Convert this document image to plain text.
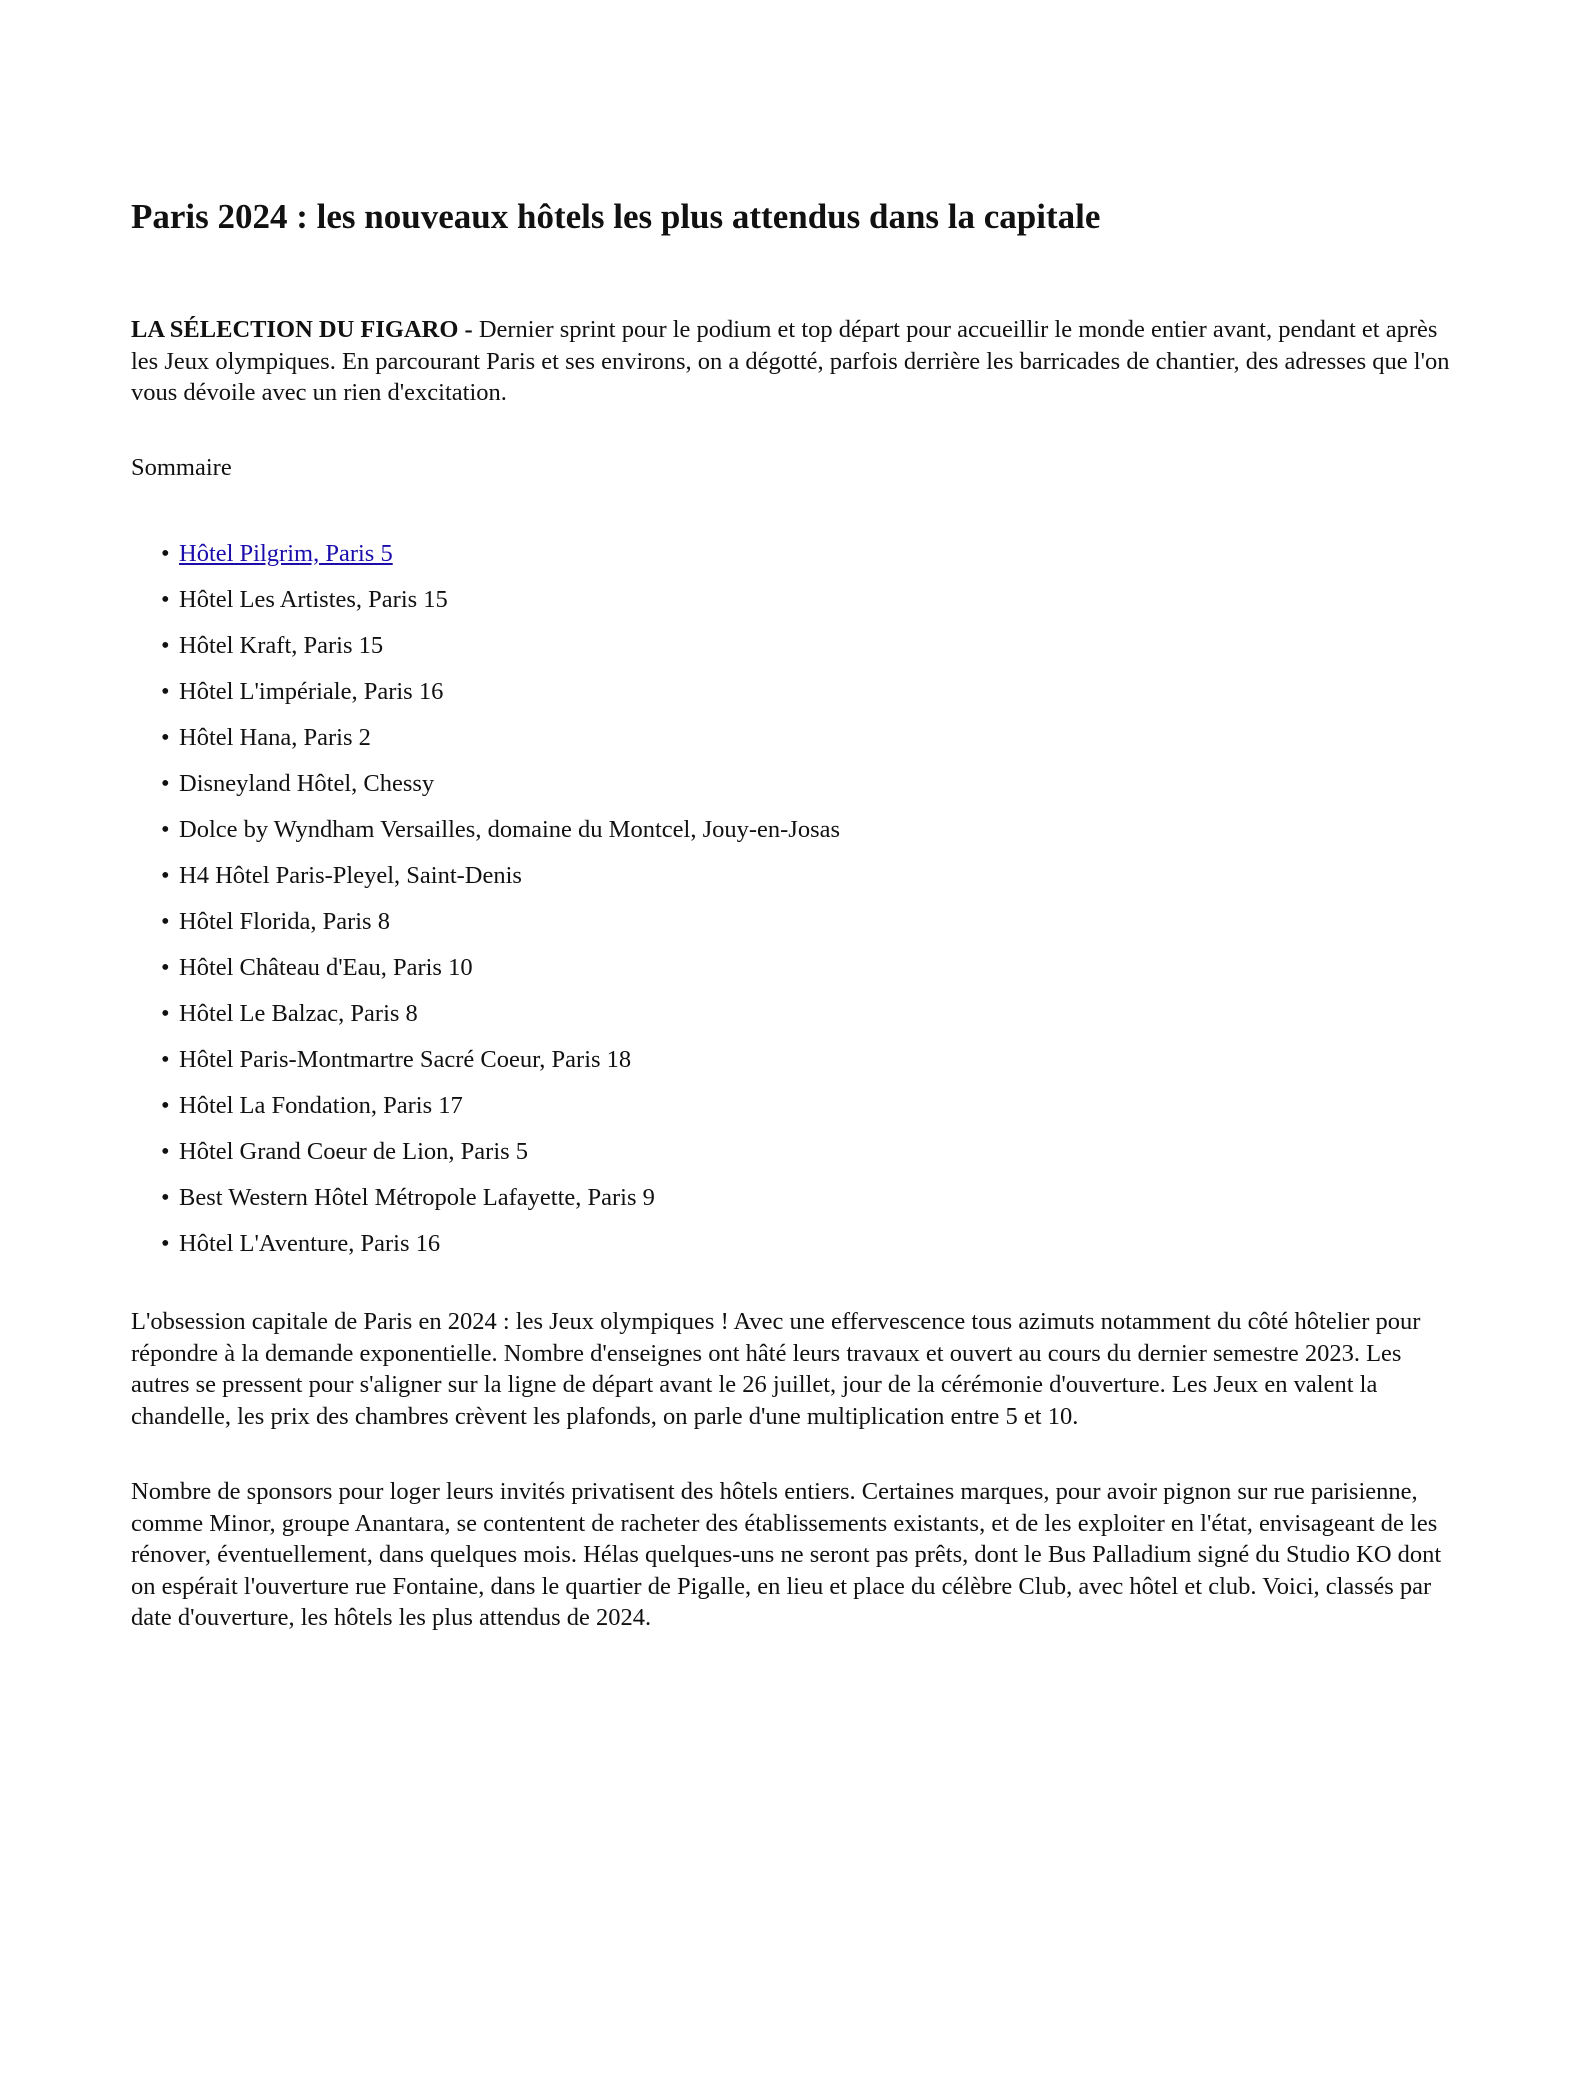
Paris 2024 : les nouveaux hôtels les plus attendus dans la capitale

LA SÉLECTION DU FIGARO - Dernier sprint pour le podium et top départ pour accueillir le monde entier avant, pendant et après les Jeux olympiques. En parcourant Paris et ses environs, on a dégotté, parfois derrière les barricades de chantier, des adresses que l'on vous dévoile avec un rien d'excitation.

Sommaire

• Hôtel Pilgrim, Paris 5
• Hôtel Les Artistes, Paris 15
• Hôtel Kraft, Paris 15
• Hôtel L'impériale, Paris 16
• Hôtel Hana, Paris 2
• Disneyland Hôtel, Chessy
• Dolce by Wyndham Versailles, domaine du Montcel, Jouy-en-Josas
• H4 Hôtel Paris-Pleyel, Saint-Denis
• Hôtel Florida, Paris 8
• Hôtel Château d'Eau, Paris 10
• Hôtel Le Balzac, Paris 8
• Hôtel Paris-Montmartre Sacré Coeur, Paris 18
• Hôtel La Fondation, Paris 17
• Hôtel Grand Coeur de Lion, Paris 5
• Best Western Hôtel Métropole Lafayette, Paris 9
• Hôtel L'Aventure, Paris 16

L'obsession capitale de Paris en 2024 : les Jeux olympiques ! Avec une effervescence tous azimuts notamment du côté hôtelier pour répondre à la demande exponentielle. Nombre d'enseignes ont hâté leurs travaux et ouvert au cours du dernier semestre 2023. Les autres se pressent pour s'aligner sur la ligne de départ avant le 26 juillet, jour de la cérémonie d'ouverture. Les Jeux en valent la chandelle, les prix des chambres crèvent les plafonds, on parle d'une multiplication entre 5 et 10.

Nombre de sponsors pour loger leurs invités privatisent des hôtels entiers. Certaines marques, pour avoir pignon sur rue parisienne, comme Minor, groupe Anantara, se contentent de racheter des établissements existants, et de les exploiter en l'état, envisageant de les rénover, éventuellement, dans quelques mois. Hélas quelques-uns ne seront pas prêts, dont le Bus Palladium signé du Studio KO dont on espérait l'ouverture rue Fontaine, dans le quartier de Pigalle, en lieu et place du célèbre Club, avec hôtel et club. Voici, classés par date d'ouverture, les hôtels les plus attendus de 2024.
